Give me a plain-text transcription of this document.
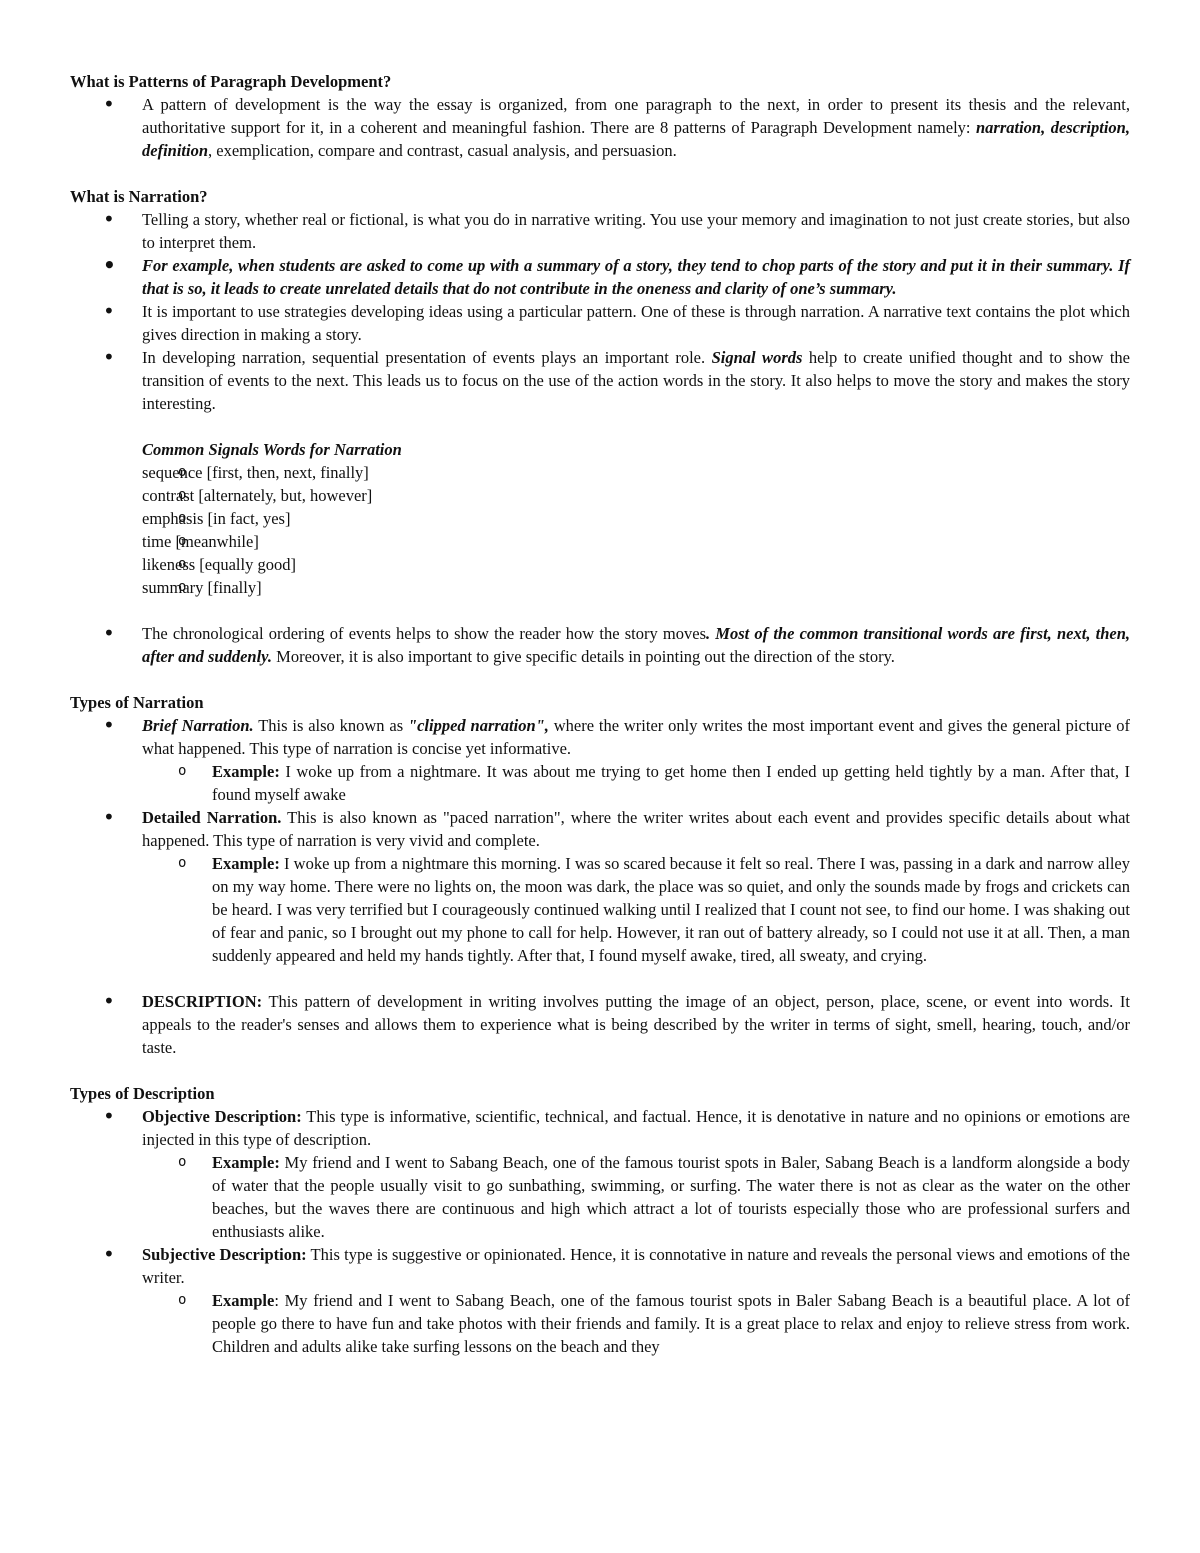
What is Patterns of Paragraph Development?
• A pattern of development is the way the essay is organized, from one paragraph to the next, in order to present its thesis and the relevant, authoritative support for it, in a coherent and meaningful fashion. There are 8 patterns of Paragraph Development namely: narration, description, definition, exemplication, compare and contrast, casual analysis, and persuasion.
What is Narration?
• Telling a story, whether real or fictional, is what you do in narrative writing. You use your memory and imagination to not just create stories, but also to interpret them.
• For example, when students are asked to come up with a summary of a story, they tend to chop parts of the story and put it in their summary. If that is so, it leads to create unrelated details that do not contribute in the oneness and clarity of one’s summary.
• It is important to use strategies developing ideas using a particular pattern. One of these is through narration. A narrative text contains the plot which gives direction in making a story.
• In developing narration, sequential presentation of events plays an important role. Signal words help to create unified thought and to show the transition of events to the next. This leads us to focus on the use of the action words in the story. It also helps to move the story and makes the story interesting.
Common Signals Words for Narration
o sequence [first, then, next, finally]
o contrast [alternately, but, however]
o emphasis [in fact, yes]
o time [meanwhile]
o likeness [equally good]
o summary [finally]
• The chronological ordering of events helps to show the reader how the story moves. Most of the common transitional words are first, next, then, after and suddenly. Moreover, it is also important to give specific details in pointing out the direction of the story.
Types of Narration
• Brief Narration. This is also known as "clipped narration", where the writer only writes the most important event and gives the general picture of what happened. This type of narration is concise yet informative.
o Example: I woke up from a nightmare. It was about me trying to get home then I ended up getting held tightly by a man. After that, I found myself awake
• Detailed Narration. This is also known as "paced narration", where the writer writes about each event and provides specific details about what happened. This type of narration is very vivid and complete.
o Example: I woke up from a nightmare this morning. I was so scared because it felt so real. There I was, passing in a dark and narrow alley on my way home. There were no lights on, the moon was dark, the place was so quiet, and only the sounds made by frogs and crickets can be heard. I was very terrified but I courageously continued walking until I realized that I count not see, to find our home. I was shaking out of fear and panic, so I brought out my phone to call for help. However, it ran out of battery already, so I could not use it at all. Then, a man suddenly appeared and held my hands tightly. After that, I found myself awake, tired, all sweaty, and crying.
• DESCRIPTION: This pattern of development in writing involves putting the image of an object, person, place, scene, or event into words. It appeals to the reader's senses and allows them to experience what is being described by the writer in terms of sight, smell, hearing, touch, and/or taste.
Types of Description
• Objective Description: This type is informative, scientific, technical, and factual. Hence, it is denotative in nature and no opinions or emotions are injected in this type of description.
o Example: My friend and I went to Sabang Beach, one of the famous tourist spots in Baler, Sabang Beach is a landform alongside a body of water that the people usually visit to go sunbathing, swimming, or surfing. The water there is not as clear as the water on the other beaches, but the waves there are continuous and high which attract a lot of tourists especially those who are professional surfers and enthusiasts alike.
• Subjective Description: This type is suggestive or opinionated. Hence, it is connotative in nature and reveals the personal views and emotions of the writer.
o Example: My friend and I went to Sabang Beach, one of the famous tourist spots in Baler Sabang Beach is a beautiful place. A lot of people go there to have fun and take photos with their friends and family. It is a great place to relax and enjoy to relieve stress from work. Children and adults alike take surfing lessons on the beach and they
